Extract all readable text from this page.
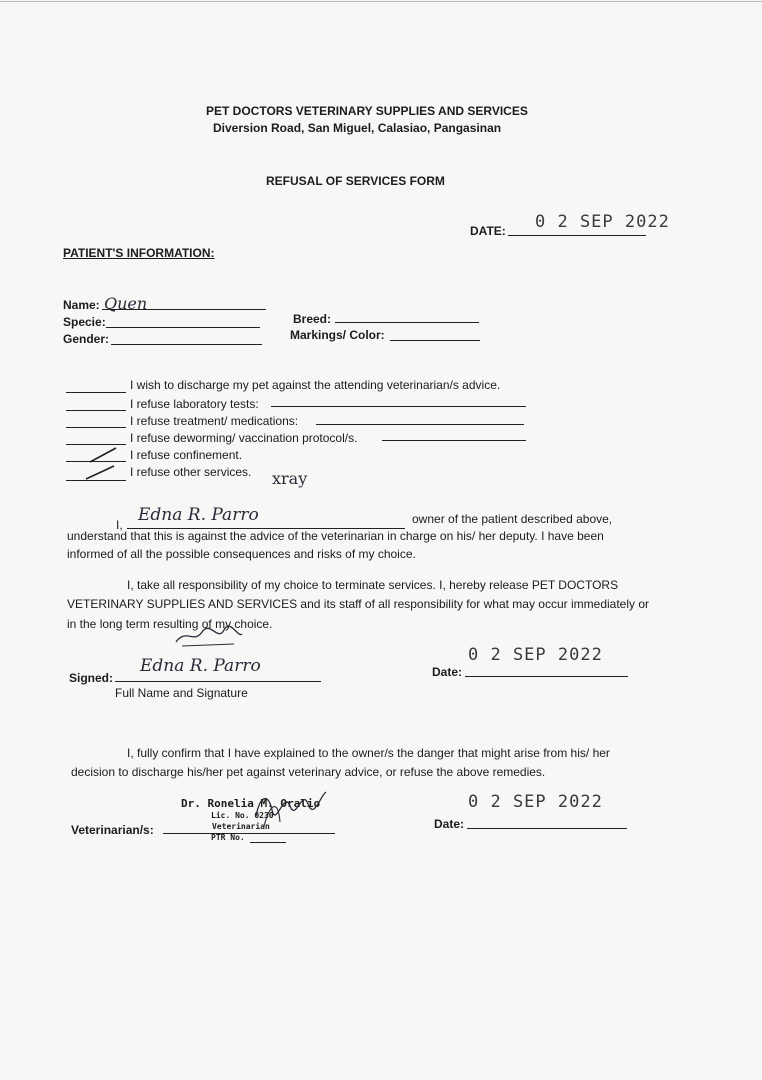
PET DOCTORS VETERINARY SUPPLIES AND SERVICES
Diversion Road, San Miguel, Calasiao, Pangasinan
REFUSAL OF SERVICES FORM
DATE: 0 2 SEP 2022
PATIENT'S INFORMATION:
Name: Quen
Specie:
Gender:
Breed:
Markings/ Color:
I wish to discharge my pet against the attending veterinarian/s advice.
I refuse laboratory tests:
I refuse treatment/ medications:
I refuse deworming/ vaccination protocol/s.
I refuse confinement.
I refuse other services. xray
I, Edna R. Parro	owner of the patient described above,
understand that this is against the advice of the veterinarian in charge on his/ her deputy. I have been
informed of all the possible consequences and risks of my choice.
I, take all responsibility of my choice to terminate services. I, hereby release PET DOCTORS
VETERINARY SUPPLIES AND SERVICES and its staff of all responsibility for what may occur immediately or
in the long term resulting of my choice.
Signed:
Edna R. Parro
Full Name and Signature
Date:
0 2 SEP 2022
I, fully confirm that I have explained to the owner/s the danger that might arise from his/ her
decision to discharge his/her pet against veterinary advice, or refuse the above remedies.
Veterinarian/s:
Dr. Ronelia M. Oralio
Lic. No. 0230
Veterinarian
PTR No.
Date:
0 2 SEP 2022
